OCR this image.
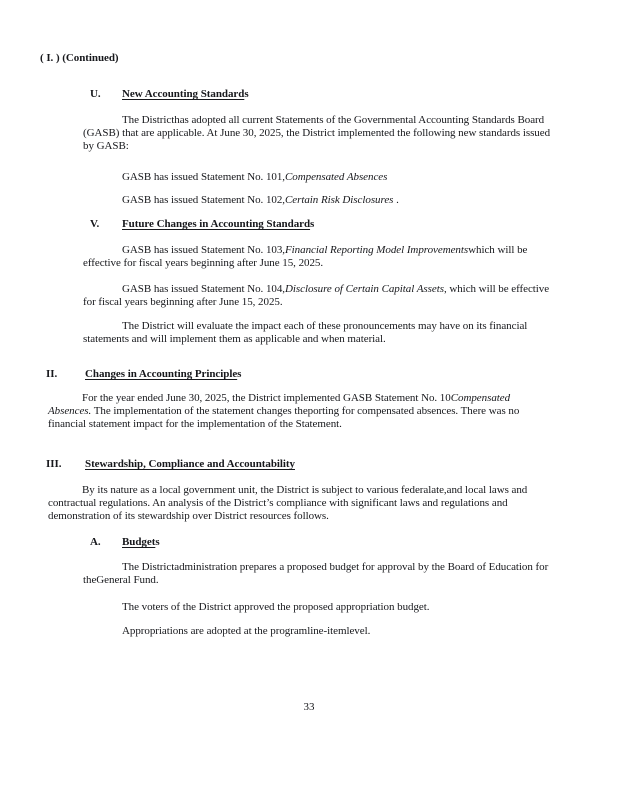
( I. ) (Continued)
U. New Accounting Standards
The Districthas adopted all current Statements of the Governmental Accounting Standards Board
(GASB) that are applicable. At June 30, 2025, the District implemented the following new standards issued
by GASB:
GASB has issued Statement No. 101,Compensated Absences
GASB has issued Statement No. 102,Certain Risk Disclosures .
V. Future Changes in Accounting Standards
GASB has issued Statement No. 103,Financial Reporting Model Improvementswhich will be
effective for fiscal years beginning after June 15, 2025.
GASB has issued Statement No. 104,Disclosure of Certain Capital Assets, which will be effective
for fiscal years beginning after June 15, 2025.
The District will evaluate the impact each of these pronouncements may have on its financial
statements and will implement them as applicable and when material.
II.	Changes in Accounting Principles
For the year ended June 30, 2025, the District implemented GASB Statement No. 10Compensated
Absences. The implementation of the statement changes theporting for compensated absences. There was no
financial statement impact for the implementation of the Statement.
III. Stewardship, Compliance and Accountability
By its nature as a local government unit, the District is subject to various federalate,and local laws and
contractual regulations. An analysis of the District’s compliance with significant laws and regulations and
demonstration of its stewardship over District resources follows.
A. Budgets
The Districtadministration prepares a proposed budget for approval by the Board of Education for
theGeneral Fund.
The voters of the District approved the proposed appropriation budget.
Appropriations are adopted at the programline-itemlevel.
33
